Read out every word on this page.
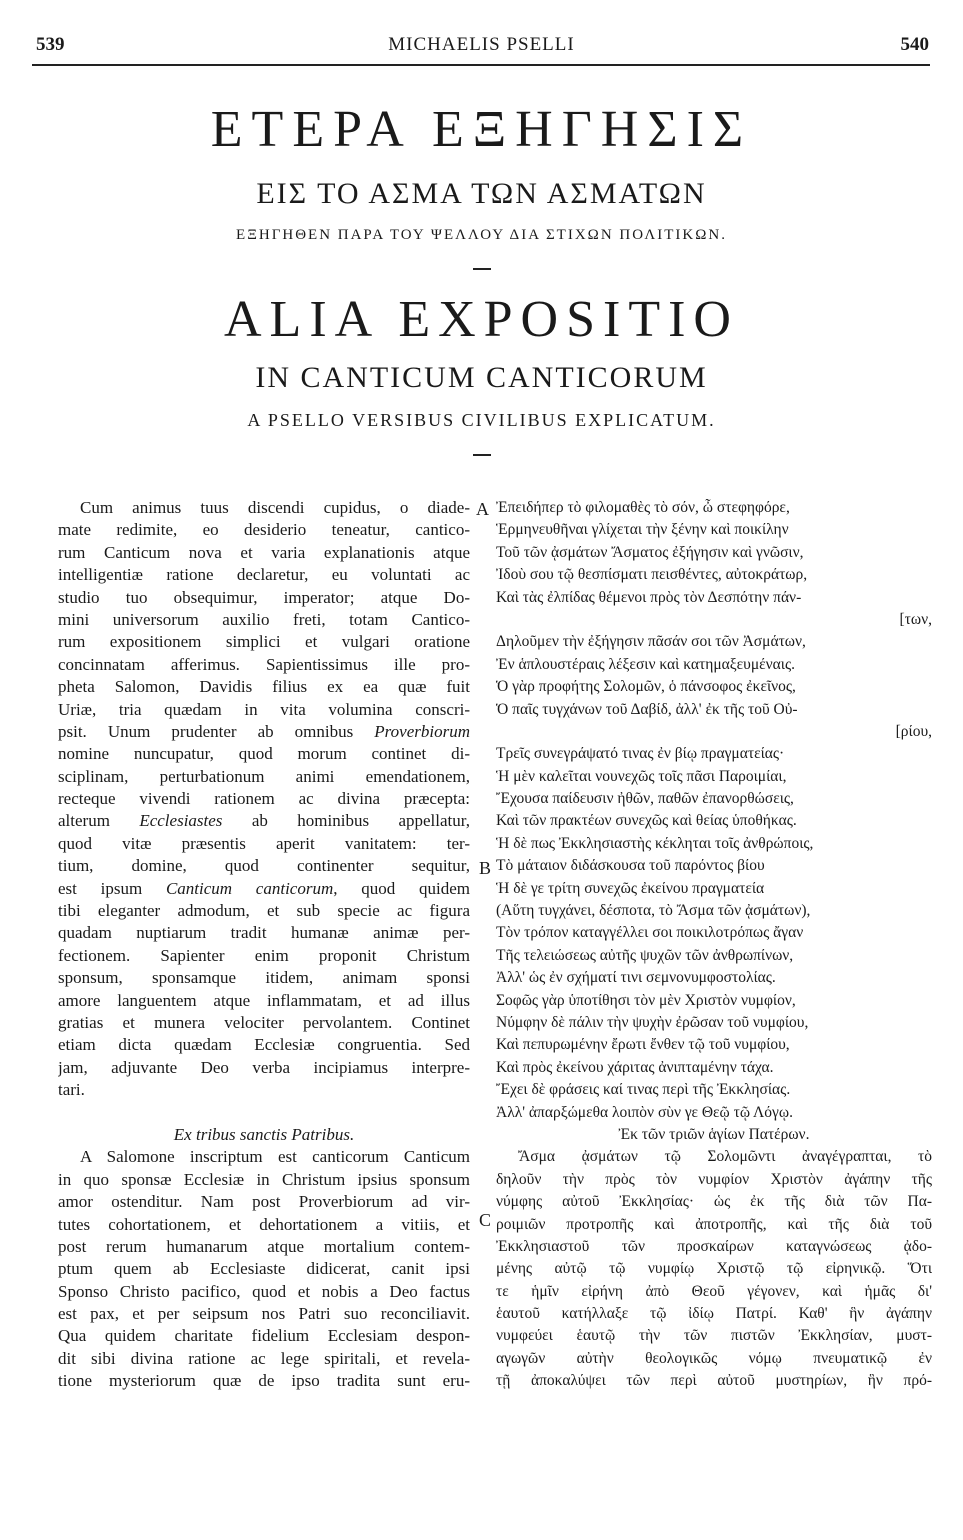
539	MICHAELIS PSELLI	540
ΕΤΕΡΑ ΕΞΗΓΗΣΙΣ
ΕΙΣ ΤΟ ΑΣΜΑ ΤΩΝ ΑΣΜΑΤΩΝ
ΕΞΗΓΗΘΕΝ ΠΑΡΑ ΤΟΥ ΨΕΛΛΟΥ ΔΙΑ ΣΤΙΧΩΝ ΠΟΛΙΤΙΚΩΝ.
ALIA EXPOSITIO
IN CANTICUM CANTICORUM
A PSELLO VERSIBUS CIVILIBUS EXPLICATUM.
Cum animus tuus discendi cupidus, o diade-
mate redimite, eo desiderio teneatur, cantico-
rum Canticum nova et varia explanationis atque
intelligentiæ ratione declaretur, eu voluntati ac
studio tuo obsequimur, imperator; atque Do-
mini universorum auxilio freti, totam Cantico-
rum expositionem simplici et vulgari oratione
concinnatam afferimus. Sapientissimus ille pro-
pheta Salomon, Davidis filius ex ea quæ fuit
Uriæ, tria quædam in vita volumina conscri-
psit. Unum prudenter ab omnibus Proverbiorum
nomine nuncupatur, quod morum continet di-
sciplinam, perturbationum animi emendationem,
recteque vivendi rationem ac divina præcepta:
alterum Ecclesiastes ab hominibus appellatur,
quod vitæ præsentis aperit vanitatem: ter-
tium, domine, quod continenter sequitur,
est ipsum Canticum canticorum, quod quidem
tibi eleganter admodum, et sub specie ac figura
quadam nuptiarum tradit humanæ animæ per-
fectionem. Sapienter enim proponit Christum
sponsum, sponsamque itidem, animam sponsi
amore languentem atque inflammatam, et ad illus
gratias et munera velociter pervolantem. Continet
etiam dicta quædam Ecclesiæ congruentia. Sed
jam, adjuvante Deo verba incipiamus interpre-
tari.
Ex tribus sanctis Patribus.
A Salomone inscriptum est canticorum Canticum
in quo sponsæ Ecclesiæ in Christum ipsius sponsum
amor ostenditur. Nam post Proverbiorum ad vir-
tutes cohortationem, et dehortationem a vitiis, et
post rerum humanarum atque mortalium contem-
ptum quem ab Ecclesiaste didicerat, canit ipsi
Sponso Christo pacifico, quod et nobis a Deo factus
est pax, et per seipsum nos Patri suo reconciliavit.
Qua quidem charitate fidelium Ecclesiam despon-
dit sibi divina ratione ac lege spiritali, et revela-
tione mysteriorum quæ de ipso tradita sunt eru-
Ἐπειδήπερ τὸ φιλομαθὲς τὸ σόν, ὦ στεφηφόρε,
Ἑρμηνευθῆναι γλίχεται τὴν ξένην καὶ ποικίλην
Τοῦ τῶν ᾀσμάτων Ἄσματος ἐξήγησιν καὶ γνῶσιν,
Ἰδοὺ σου τῷ θεσπίσματι πεισθέντες, αὐτοκράτωρ,
Καὶ τὰς ἐλπίδας θέμενοι πρὸς τὸν Δεσπότην πάν-
[των,
Δηλοῦμεν τὴν ἐξήγησιν πᾶσάν σοι τῶν Ἀσμάτων,
Ἐν ἁπλουστέραις λέξεσιν καὶ κατημαξευμέναις.
Ὁ γὰρ προφήτης Σολομῶν, ὁ πάνσοφος ἐκεῖνος,
Ὁ παῖς τυγχάνων τοῦ Δαβίδ, ἀλλ' ἐκ τῆς τοῦ Οὐ-
[ρίου,
Τρεῖς συνεγράψατό τινας ἐν βίῳ πραγματείας·
Ἡ μὲν καλεῖται νουνεχῶς τοῖς πᾶσι Παροιμίαι,
Ἔχουσα παίδευσιν ἠθῶν, παθῶν ἐπανορθώσεις,
Καὶ τῶν πρακτέων συνεχῶς καὶ θείας ὑποθήκας.
Ἡ δὲ πως Ἐκκλησιαστὴς κέκληται τοῖς ἀνθρώποις,
Τὸ μάταιον διδάσκουσα τοῦ παρόντος βίου
Ἡ δὲ γε τρίτη συνεχῶς ἐκείνου πραγματεία
(Αὕτη τυγχάνει, δέσποτα, τὸ Ἄσμα τῶν ᾀσμάτων),
Τὸν τρόπον καταγγέλλει σοι ποικιλοτρόπως ἄγαν
Τῆς τελειώσεως αὐτῆς ψυχῶν τῶν ἀνθρωπίνων,
Ἀλλ' ὡς ἐν σχήματί τινι σεμνονυμφοστολίας.
Σοφῶς γὰρ ὑποτίθησι τὸν μὲν Χριστὸν νυμφίον,
Νύμφην δὲ πάλιν τὴν ψυχὴν ἐρῶσαν τοῦ νυμφίου,
Καὶ πεπυρωμένην ἔρωτι ἔνθεν τῷ τοῦ νυμφίου,
Καὶ πρὸς ἐκείνου χάριτας ἀνιπταμένην τάχα.
Ἔχει δὲ φράσεις καί τινας περὶ τῆς Ἐκκλησίας.
Ἀλλ' ἀπαρξώμεθα λοιπὸν σὺν γε Θεῷ τῷ Λόγῳ.
Ἐκ τῶν τριῶν ἁγίων Πατέρων.
Ἄσμα ᾀσμάτων τῷ Σολομῶντι ἀναγέγραπται, τὸ
δηλοῦν τὴν πρὸς τὸν νυμφίον Χριστὸν ἀγάπην τῆς
νύμφης αὐτοῦ Ἐκκλησίας· ὡς ἐκ τῆς διὰ τῶν Πα-
ροιμιῶν προτροπῆς καὶ ἀποτροπῆς, καὶ τῆς διὰ τοῦ
Ἐκκλησιαστοῦ τῶν προσκαίρων καταγνώσεως ᾀδο-
μένης αὐτῷ τῷ νυμφίῳ Χριστῷ τῷ εἰρηνικῷ. Ὅτι
τε ἡμῖν εἰρήνη ἀπὸ Θεοῦ γέγονεν, καὶ ἡμᾶς δι'
ἑαυτοῦ κατήλλαξε τῷ ἰδίῳ Πατρί. Καθ' ἣν ἀγάπην
νυμφεύει ἑαυτῷ τὴν τῶν πιστῶν Ἐκκλησίαν, μυστ-
αγωγῶν αὐτὴν θεολογικῶς νόμῳ πνευματικῷ ἐν
τῇ ἀποκαλύψει τῶν περὶ αὐτοῦ μυστηρίων, ἣν πρό-
A
B
C
